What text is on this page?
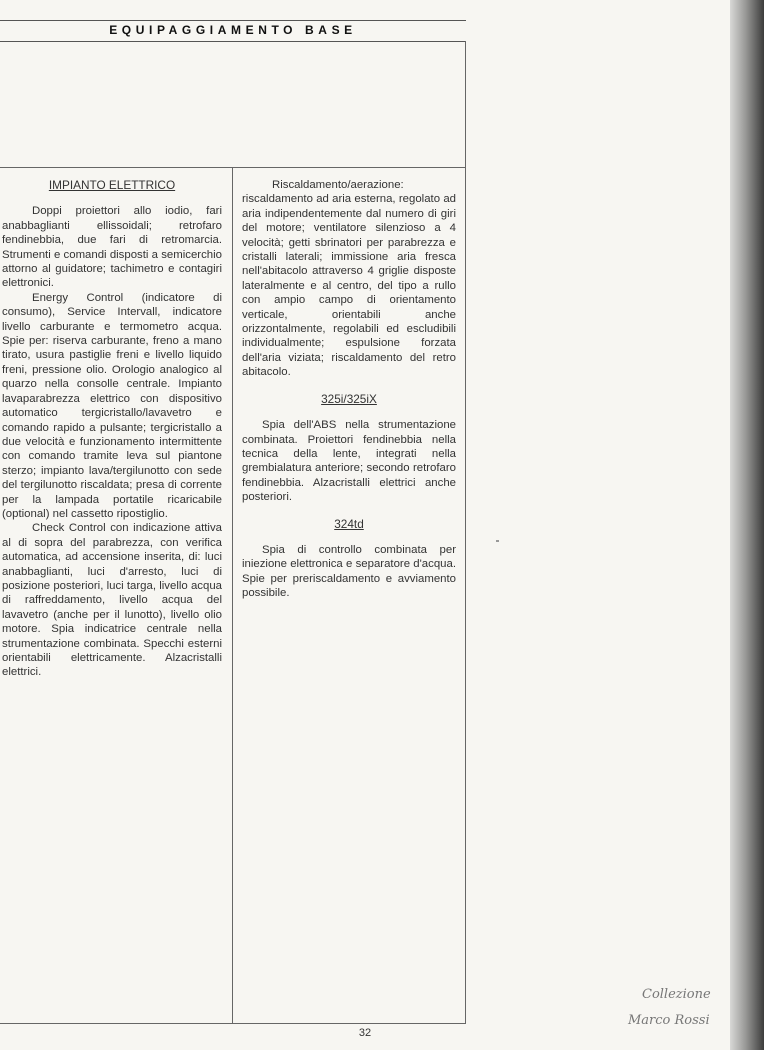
EQUIPAGGIAMENTO BASE

IMPIANTO ELETTRICO

Doppi proiettori allo iodio, fari anabbaglianti ellissoidali; retrofaro fendinebbia, due fari di retromarcia. Strumenti e comandi disposti a semicerchio attorno al guidatore; tachimetro e contagiri elettronici.

Energy Control (indicatore di consumo), Service Intervall, indicatore livello carburante e termometro acqua. Spie per: riserva carburante, freno a mano tirato, usura pastiglie freni e livello liquido freni, pressione olio. Orologio analogico al quarzo nella consolle centrale. Impianto lavaparabrezza elettrico con dispositivo automatico tergicristallo/lavavetro e comando rapido a pulsante; tergicristallo a due velocità e funzionamento intermittente con comando tramite leva sul piantone sterzo; impianto lava/tergilunotto con sede del tergilunotto riscaldata; presa di corrente per la lampada portatile ricaricabile (optional) nel cassetto ripostiglio.

Check Control con indicazione attiva al di sopra del parabrezza, con verifica automatica, ad accensione inserita, di: luci anabbaglianti, luci d'arresto, luci di posizione posteriori, luci targa, livello acqua di raffreddamento, livello acqua del lavavetro (anche per il lunotto), livello olio motore. Spia indicatrice centrale nella strumentazione combinata. Specchi esterni orientabili elettricamente. Alzacristalli elettrici.

Riscaldamento/aerazione: riscaldamento ad aria esterna, regolato ad aria indipendentemente dal numero di giri del motore; ventilatore silenzioso a 4 velocità; getti sbrinatori per parabrezza e cristalli laterali; immissione aria fresca nell'abitacolo attraverso 4 griglie disposte lateralmente e al centro, del tipo a rullo con ampio campo di orientamento verticale, orientabili anche orizzontalmente, regolabili ed escludibili individualmente; espulsione forzata dell'aria viziata; riscaldamento del retro abitacolo.

325i/325iX

Spia dell'ABS nella strumentazione combinata. Proiettori fendinebbia nella tecnica della lente, integrati nella grembialatura anteriore; secondo retrofaro fendinebbia. Alzacristalli elettrici anche posteriori.

324td

Spia di controllo combinata per iniezione elettronica e separatore d'acqua. Spie per preriscaldamento e avviamento possibile.

32
Collezione
Marco Rossi
